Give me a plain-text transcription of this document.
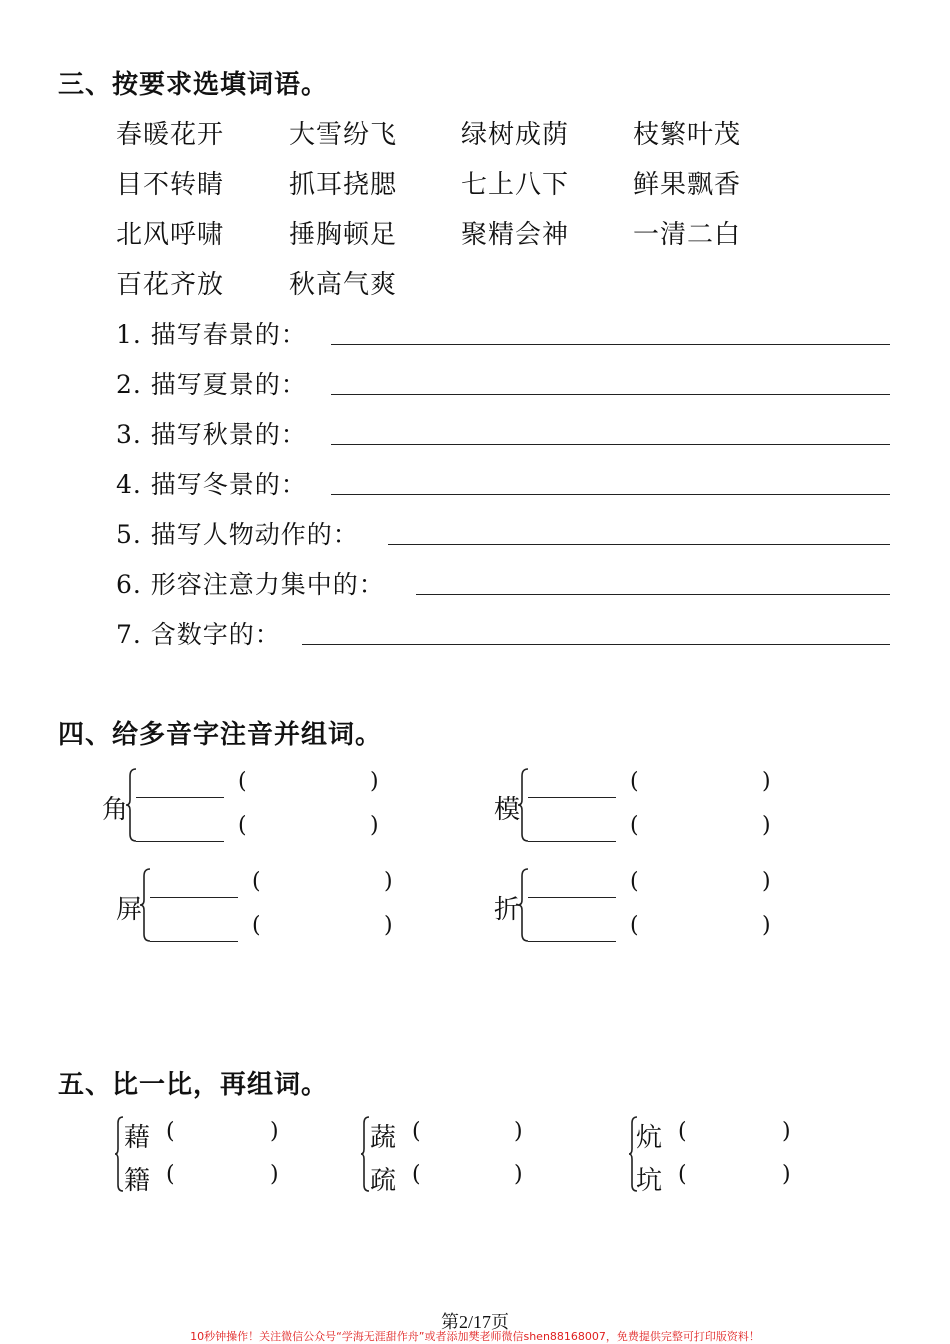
三、按要求选填词语。
春暖花开 大雪纷飞 绿树成荫 枝繁叶茂
目不转睛 抓耳挠腮 七上八下 鲜果飘香
北风呼啸 捶胸顿足 聚精会神 一清二白
百花齐放 秋高气爽
1. 描写春景的：
2. 描写夏景的：
3. 描写秋景的：
4. 描写冬景的：
5. 描写人物动作的：
6. 形容注意力集中的：
7. 含数字的：
四、给多音字注音并组词。
角
(	)
(	)
模
(	)
(	)
屏
(	)
(	)
折
(	)
(	)
五、比一比，再组词。
藉 (	)
籍 (	)
蔬 (	)
疏 (	)
炕 (	)
坑 (	)
第2/17页
10秒钟操作！关注微信公众号“学海无涯甜作舟”或者添加樊老师微信shen88168007，免费提供完整可打印版资料！
